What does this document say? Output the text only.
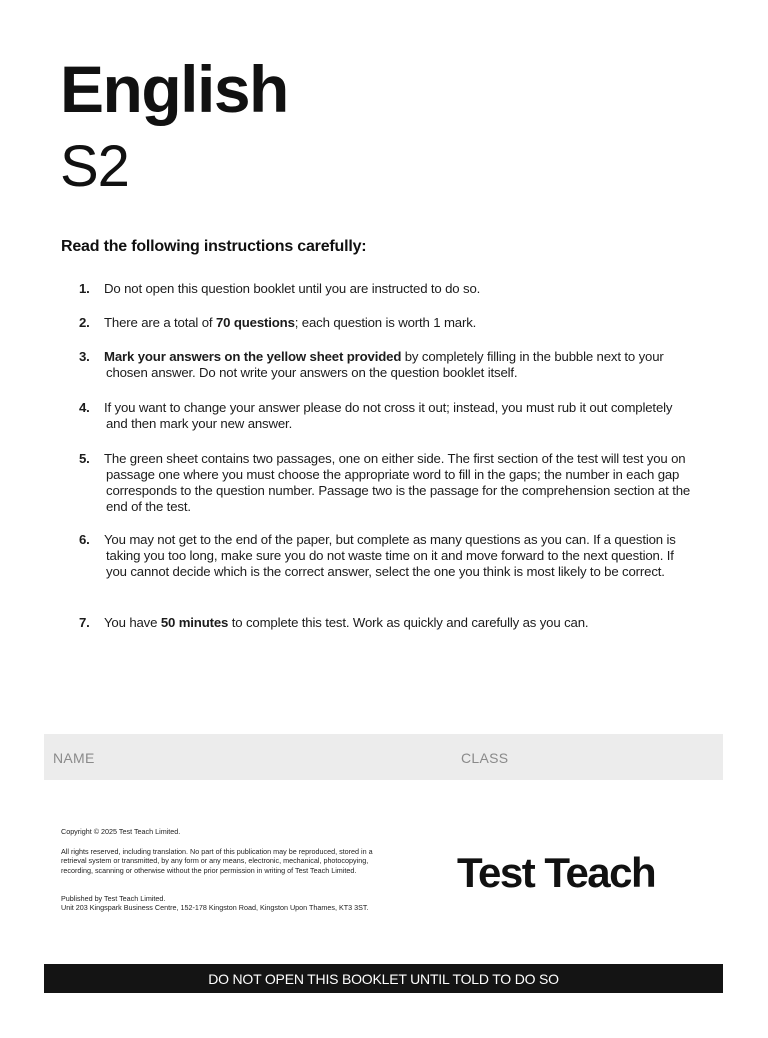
English
S2
Read the following instructions carefully:
1.	Do not open this question booklet until you are instructed to do so.
2.	There are a total of 70 questions; each question is worth 1 mark.
3.	Mark your answers on the yellow sheet provided by completely filling in the bubble next to your chosen answer. Do not write your answers on the question booklet itself.
4.	If you want to change your answer please do not cross it out; instead, you must rub it out completely and then mark your new answer.
5.	The green sheet contains two passages, one on either side. The first section of the test will test you on passage one where you must choose the appropriate word to fill in the gaps; the number in each gap corresponds to the question number. Passage two is the passage for the comprehension section at the end of the test.
6.	You may not get to the end of the paper, but complete as many questions as you can. If a question is taking you too long, make sure you do not waste time on it and move forward to the next question. If you cannot decide which is the correct answer, select the one you think is most likely to be correct.
7.	You have 50 minutes to complete this test. Work as quickly and carefully as you can.
NAME	CLASS
Copyright © 2025 Test Teach Limited.
All rights reserved, including translation. No part of this publication may be reproduced, stored in a retrieval system or transmitted, by any form or any means, electronic, mechanical, photocopying, recording, scanning or otherwise without the prior permission in writing of Test Teach Limited.
Published by Test Teach Limited.
Unit 203 Kingspark Business Centre, 152-178 Kingston Road, Kingston Upon Thames, KT3 3ST.
Test Teach
DO NOT OPEN THIS BOOKLET UNTIL TOLD TO DO SO
